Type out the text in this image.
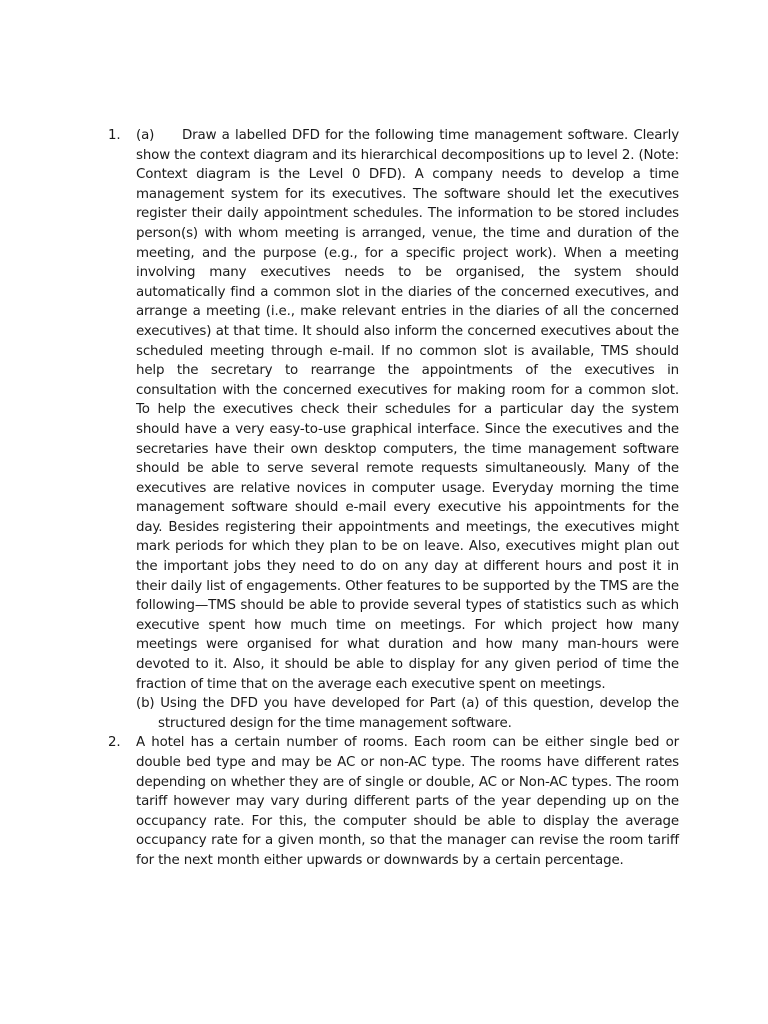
1. (a) Draw a labelled DFD for the following time management software. Clearly show the context diagram and its hierarchical decompositions up to level 2. (Note: Context diagram is the Level 0 DFD). A company needs to develop a time management system for its executives. The software should let the executives register their daily appointment schedules. The information to be stored includes person(s) with whom meeting is arranged, venue, the time and duration of the meeting, and the purpose (e.g., for a specific project work). When a meeting involving many executives needs to be organised, the system should automatically find a common slot in the diaries of the concerned executives, and arrange a meeting (i.e., make relevant entries in the diaries of all the concerned executives) at that time. It should also inform the concerned executives about the scheduled meeting through e-mail. If no common slot is available, TMS should help the secretary to rearrange the appointments of the executives in consultation with the concerned executives for making room for a common slot. To help the executives check their schedules for a particular day the system should have a very easy-to-use graphical interface. Since the executives and the secretaries have their own desktop computers, the time management software should be able to serve several remote requests simultaneously. Many of the executives are relative novices in computer usage. Everyday morning the time management software should e-mail every executive his appointments for the day. Besides registering their appointments and meetings, the executives might mark periods for which they plan to be on leave. Also, executives might plan out the important jobs they need to do on any day at different hours and post it in their daily list of engagements. Other features to be supported by the TMS are the following—TMS should be able to provide several types of statistics such as which executive spent how much time on meetings. For which project how many meetings were organised for what duration and how many man-hours were devoted to it. Also, it should be able to display for any given period of time the fraction of time that on the average each executive spent on meetings.
(b) Using the DFD you have developed for Part (a) of this question, develop the structured design for the time management software.
2. A hotel has a certain number of rooms. Each room can be either single bed or double bed type and may be AC or non-AC type. The rooms have different rates depending on whether they are of single or double, AC or Non-AC types. The room tariff however may vary during different parts of the year depending up on the occupancy rate. For this, the computer should be able to display the average occupancy rate for a given month, so that the manager can revise the room tariff for the next month either upwards or downwards by a certain percentage.
